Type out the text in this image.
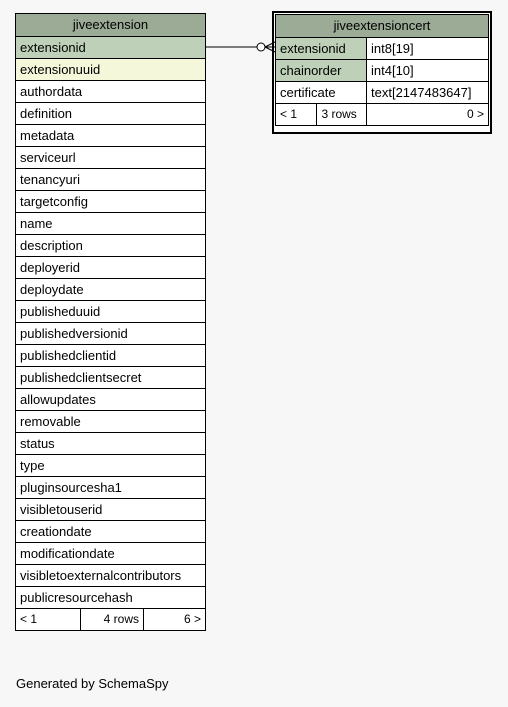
jiveextension
extensionid
extensionuuid
authordata
definition
metadata
serviceurl
tenancyuri
targetconfig
name
description
deployerid
deploydate
publisheduuid
publishedversionid
publishedclientid
publishedclientsecret
allowupdates
removable
status
type
pluginsourcesha1
visibletouserid
creationdate
modificationdate
visibletoexternalcontributors
publicresourcehash
< 1	4 rows	6 >
jiveextensioncert		
extensionid		int8[19]
chainorder		int4[10]
certificate		text[2147483647]
< 1	3 rows	0 >
Generated by SchemaSpy
